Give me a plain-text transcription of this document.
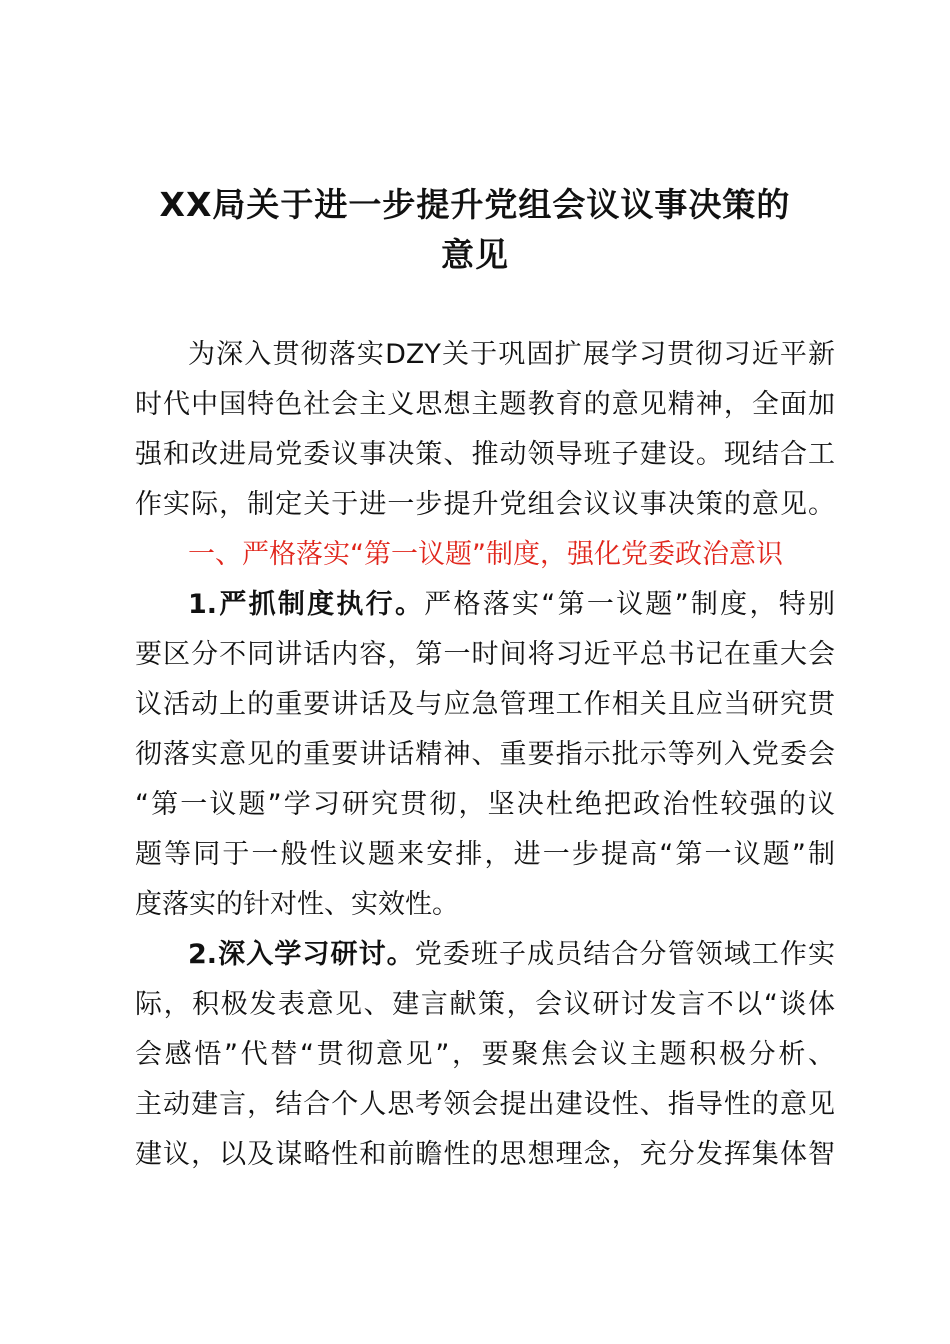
XX局关于进一步提升党组会议议事决策的
意见
为深入贯彻落实DZY关于巩固扩展学习贯彻习近平新
时代中国特色社会主义思想主题教育的意见精神，全面加
强和改进局党委议事决策、推动领导班子建设。现结合工
作实际，制定关于进一步提升党组会议议事决策的意见。
一、严格落实“第一议题”制度，强化党委政治意识
1.严抓制度执行。严格落实“第一议题”制度，特别
要区分不同讲话内容，第一时间将习近平总书记在重大会
议活动上的重要讲话及与应急管理工作相关且应当研究贯
彻落实意见的重要讲话精神、重要指示批示等列入党委会
“第一议题”学习研究贯彻，坚决杜绝把政治性较强的议
题等同于一般性议题来安排，进一步提高“第一议题”制
度落实的针对性、实效性。
2.深入学习研讨。党委班子成员结合分管领域工作实
际，积极发表意见、建言献策，会议研讨发言不以“谈体
会感悟”代替“贯彻意见”，要聚焦会议主题积极分析、
主动建言，结合个人思考领会提出建设性、指导性的意见
建议，以及谋略性和前瞻性的思想理念，充分发挥集体智
